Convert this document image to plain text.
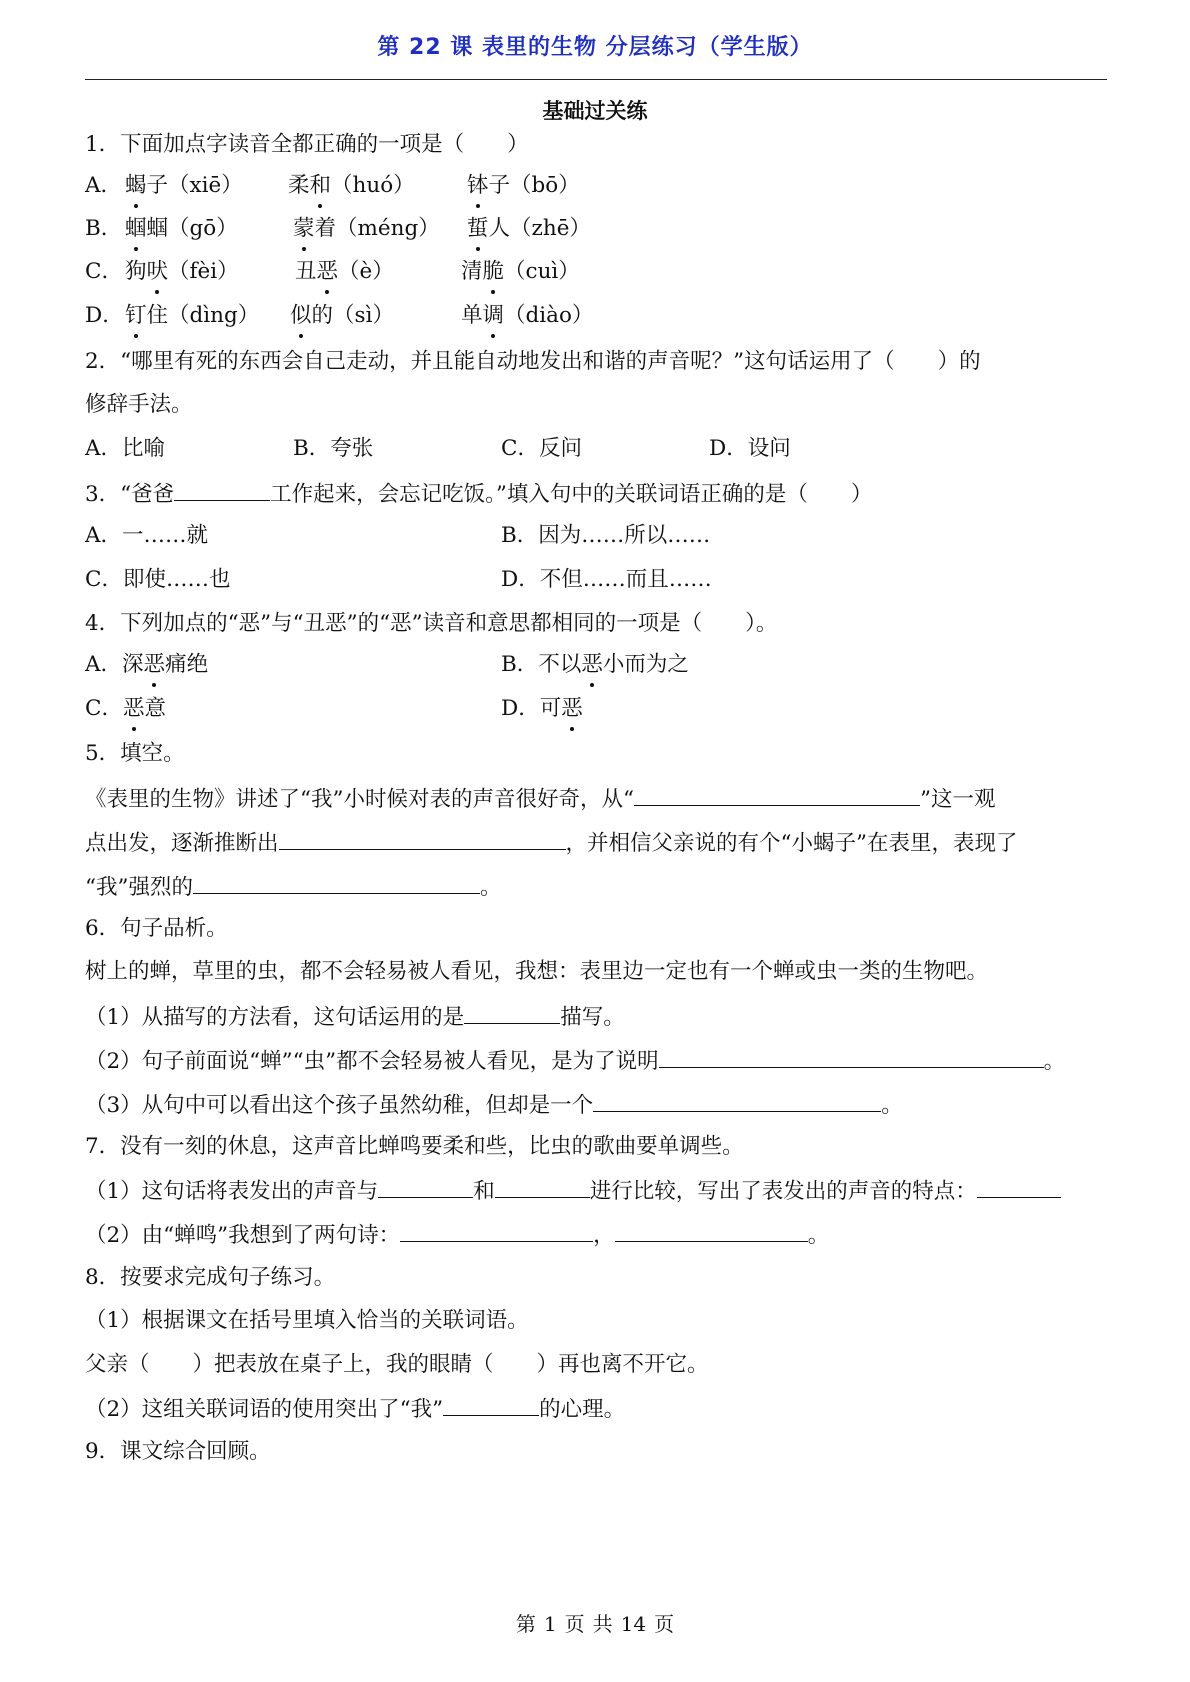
第 22 课 表里的生物 分层练习（学生版）
基础过关练
1．下面加点字读音全都正确的一项是（　　）
A． 蝎子（xiē） 柔和（huó） 钵子（bō）
B． 蝈蝈（gō）	蒙着（méng） 蜇人（zhē）
C． 狗吠（fèi）	丑恶（è）	清脆（cuì）
D． 钉住（dìng） 似的（sì）	单调（diào）
2．“哪里有死的东西会自己走动，并且能自动地发出和谐的声音呢？”这句话运用了（　　）的
修辞手法。
A．比喻	B．夸张	C．反问	D．设问
3．“爸爸	工作起来，会忘记吃饭。”填入句中的关联词语正确的是（　　）
A．一……就	B．因为……所以……
C．即使……也	D．不但……而且……
4．下列加点的“恶”与“丑恶”的“恶”读音和意思都相同的一项是（　　）。
A．深恶痛绝	B．不以恶小而为之
C．恶意	D．可恶
5．填空。
《表里的生物》讲述了“我”小时候对表的声音很好奇，从“	”这一观
点出发，逐渐推断出	，并相信父亲说的有个“小蝎子”在表里，表现了
“我”强烈的	。
6．句子品析。
树上的蝉，草里的虫，都不会轻易被人看见，我想：表里边一定也有一个蝉或虫一类的生物吧。
（1）从描写的方法看，这句话运用的是	描写。
（2）句子前面说“蝉”“虫”都不会轻易被人看见，是为了说明	。
（3）从句中可以看出这个孩子虽然幼稚，但却是一个	。
7．没有一刻的休息，这声音比蝉鸣要柔和些，比虫的歌曲要单调些。
（1）这句话将表发出的声音与	和	进行比较，写出了表发出的声音的特点：
（2）由“蝉鸣”我想到了两句诗：	，	。
8．按要求完成句子练习。
（1）根据课文在括号里填入恰当的关联词语。
父亲（　　）把表放在桌子上，我的眼睛（　　）再也离不开它。
（2）这组关联词语的使用突出了“我”	的心理。
9．课文综合回顾。
第 1 页 共 14 页
